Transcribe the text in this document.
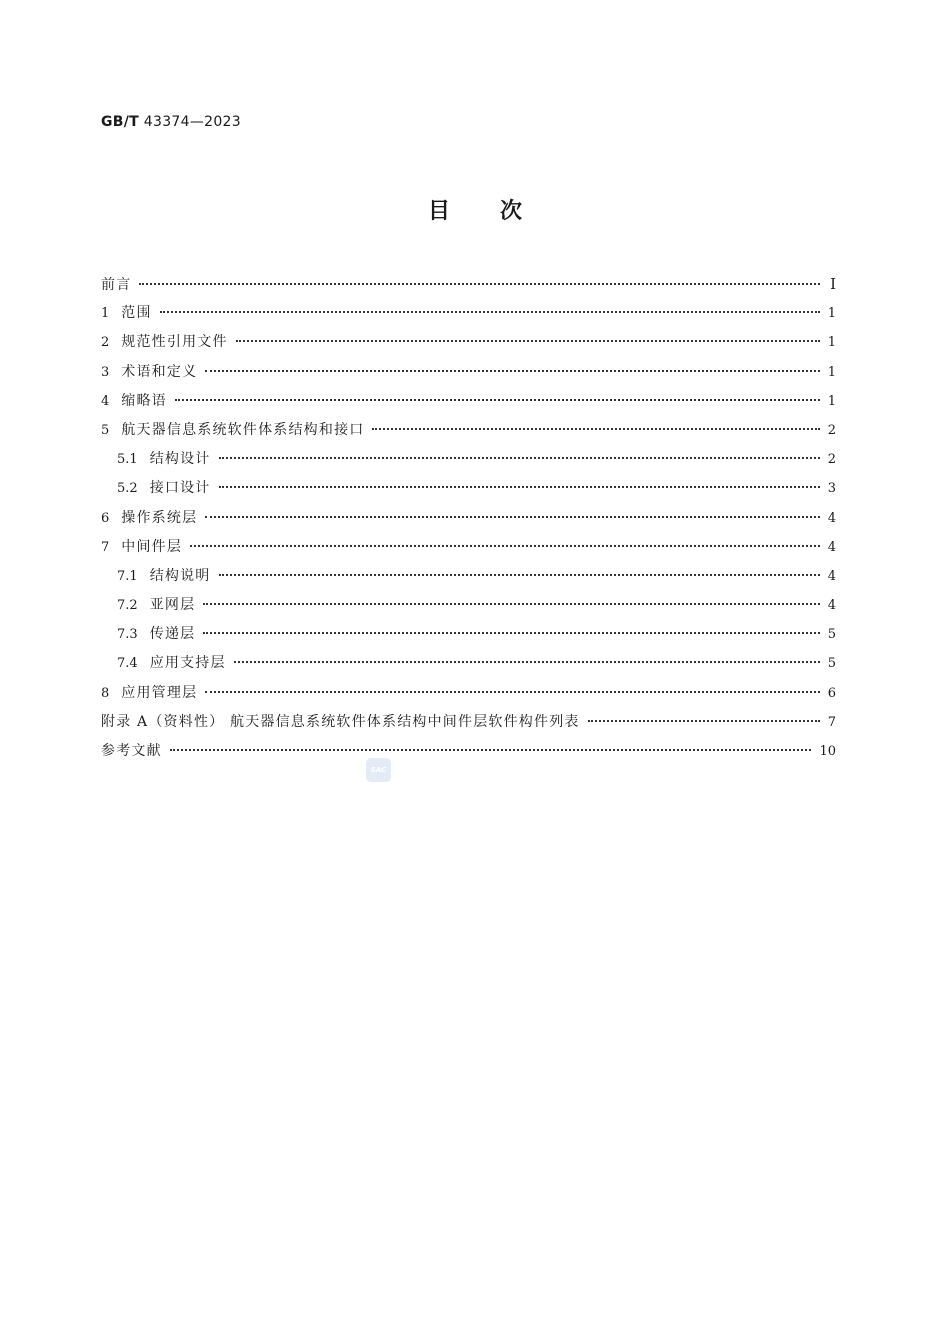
GB/T 43374—2023
目次
前言	I
1 范围	1
2 规范性引用文件	1
3 术语和定义	1
4 缩略语	1
5 航天器信息系统软件体系结构和接口	2
5.1 结构设计	2
5.2 接口设计	3
6 操作系统层	4
7 中间件层	4
7.1 结构说明	4
7.2 亚网层	4
7.3 传递层	5
7.4 应用支持层	5
8 应用管理层	6
附录 A（资料性） 航天器信息系统软件体系结构中间件层软件构件列表	7
参考文献	10
SAC
